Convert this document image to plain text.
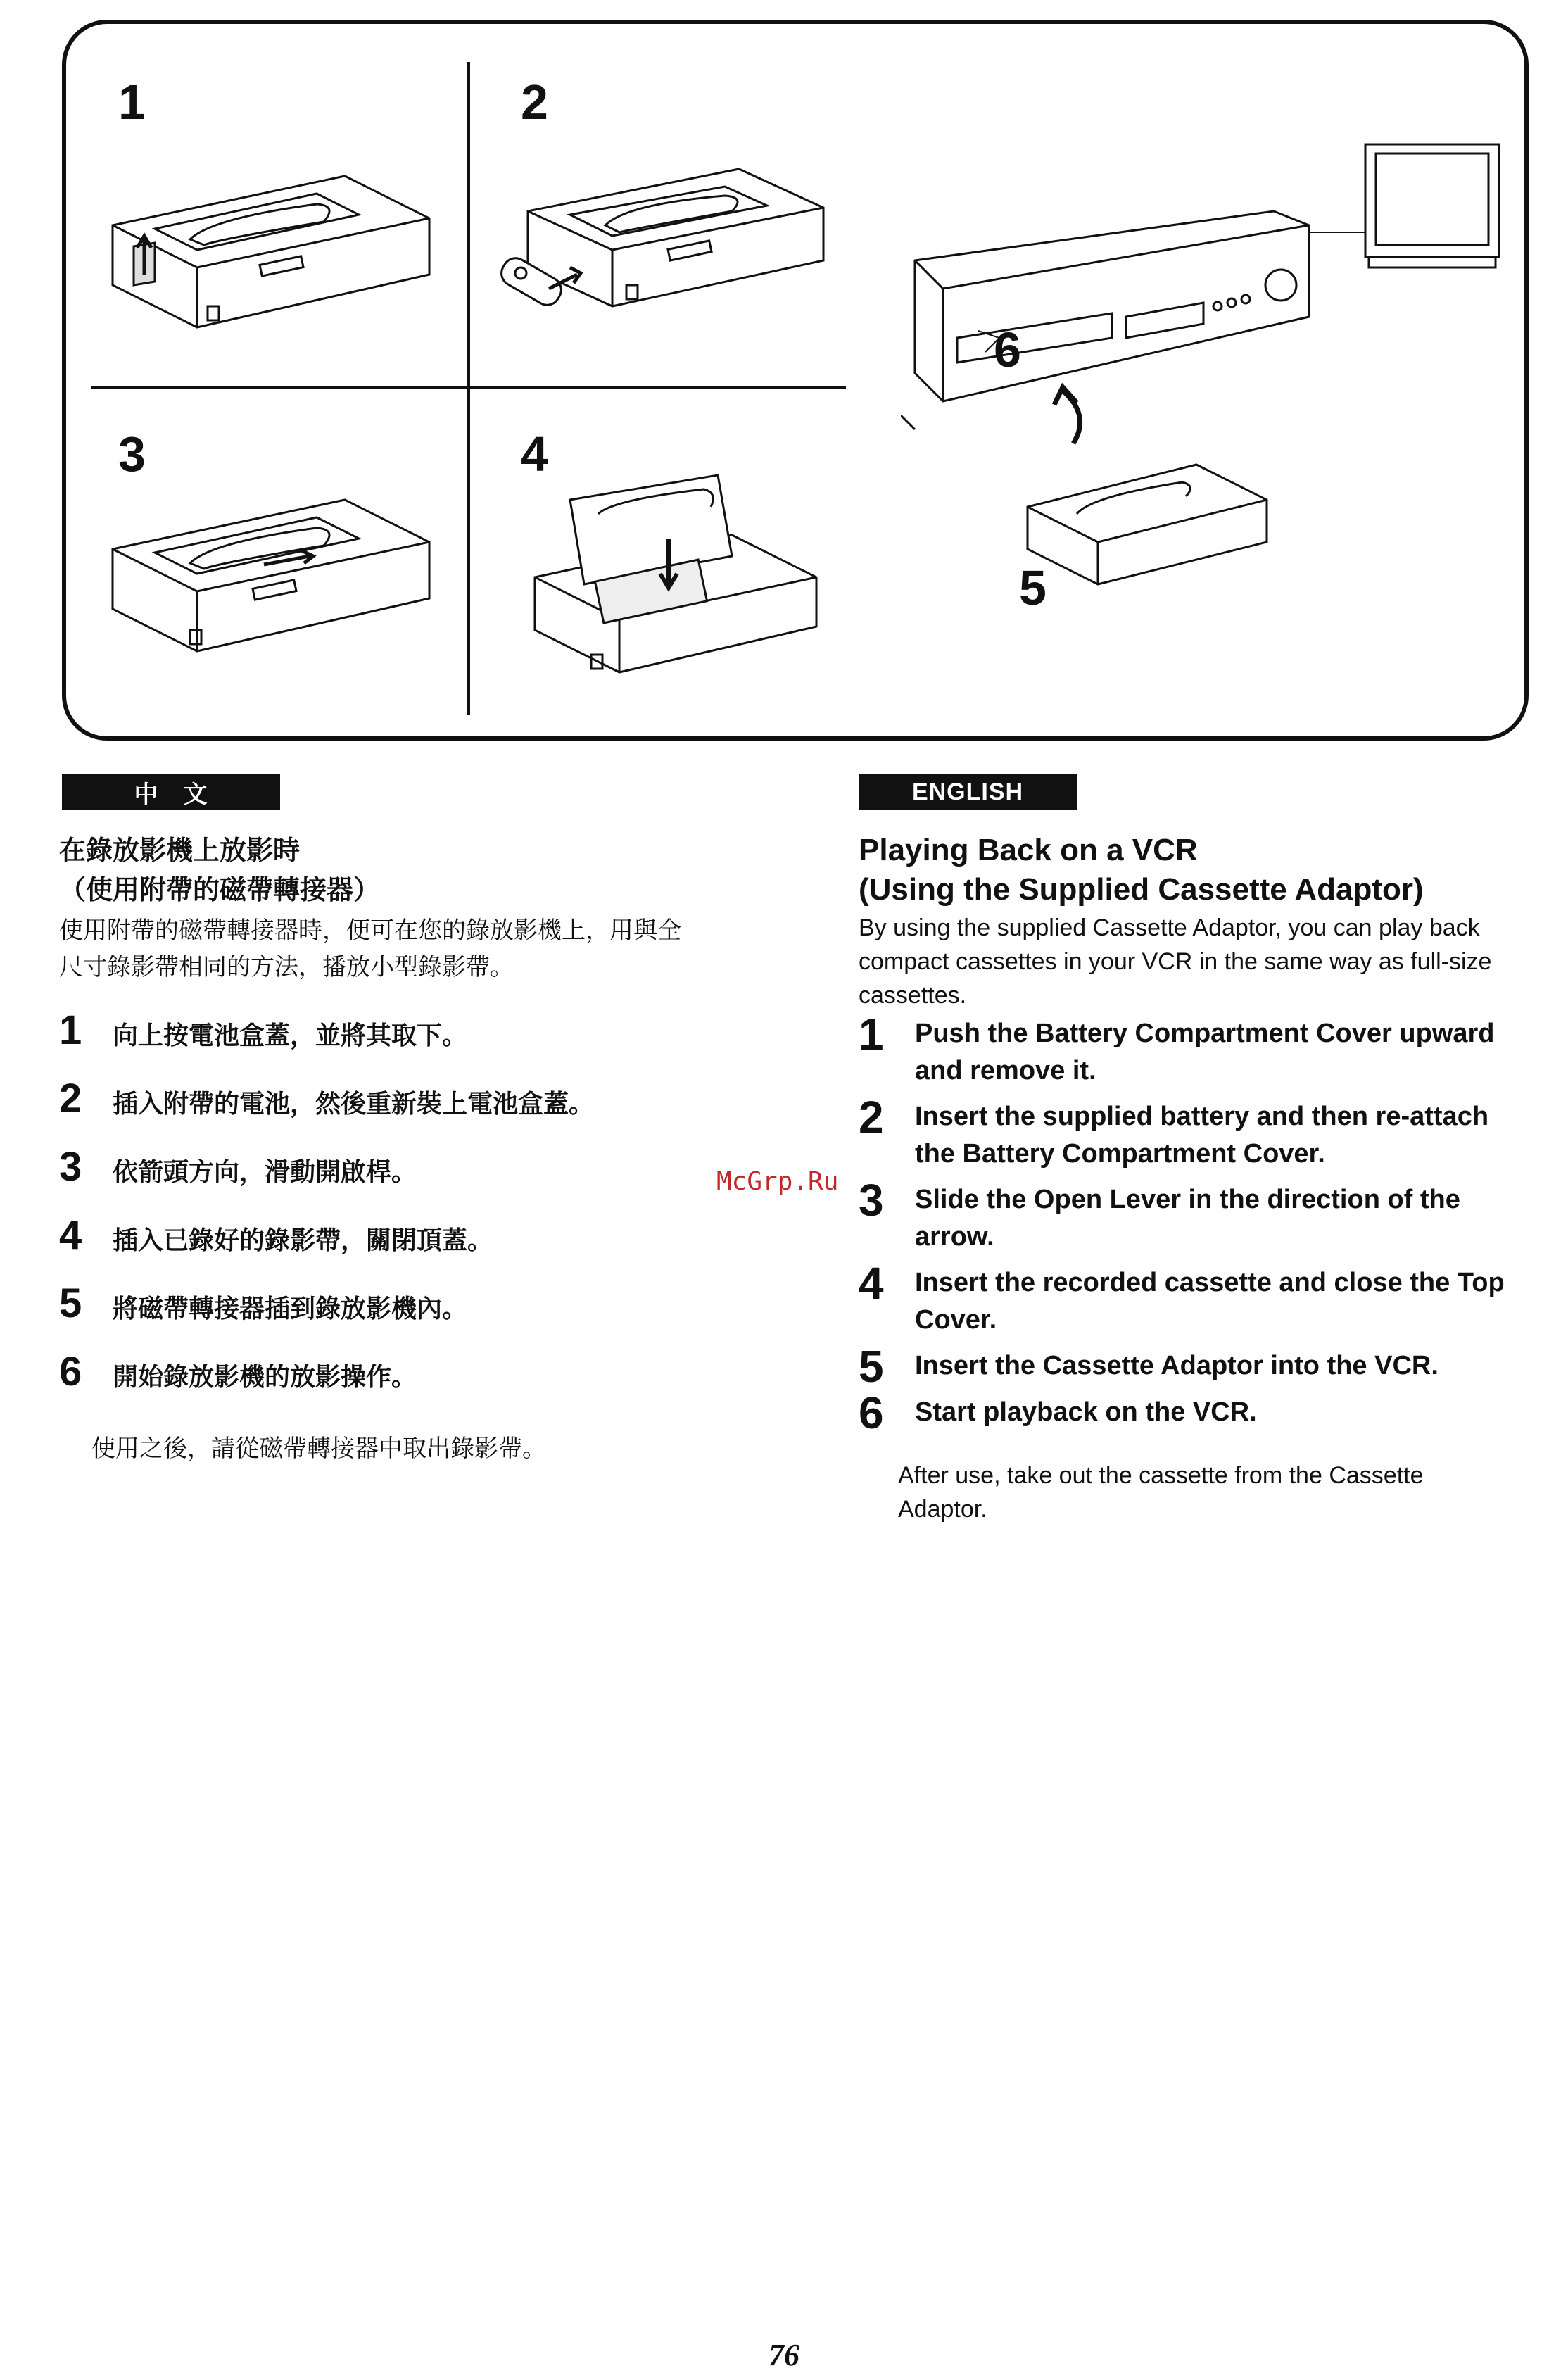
1	2
3	4
6
5
中　文	ENGLISH
在錄放影機上放影時
（使用附帶的磁帶轉接器）
使用附帶的磁帶轉接器時，便可在您的錄放影機上，用與全
尺寸錄影帶相同的方法，播放小型錄影帶。
1	向上按電池盒蓋，並將其取下。
2	插入附帶的電池，然後重新裝上電池盒蓋。
3	依箭頭方向，滑動開啟桿。
4	插入已錄好的錄影帶，關閉頂蓋。
5	將磁帶轉接器插到錄放影機內。
6	開始錄放影機的放影操作。
使用之後，請從磁帶轉接器中取出錄影帶。
Playing Back on a VCR
(Using the Supplied Cassette Adaptor)
By using the supplied Cassette Adaptor, you can play back compact cassettes in your VCR in the same way as full-size cassettes.
1	Push the Battery Compartment Cover upward and remove it.
2	Insert the supplied battery and then re-attach the Battery Compartment Cover.
3	Slide the Open Lever in the direction of the arrow.
4	Insert the recorded cassette and close the Top Cover.
5	Insert the Cassette Adaptor into the VCR.
6	Start playback on the VCR.
After use, take out the cassette from the Cassette Adaptor.
McGrp.Ru
76
